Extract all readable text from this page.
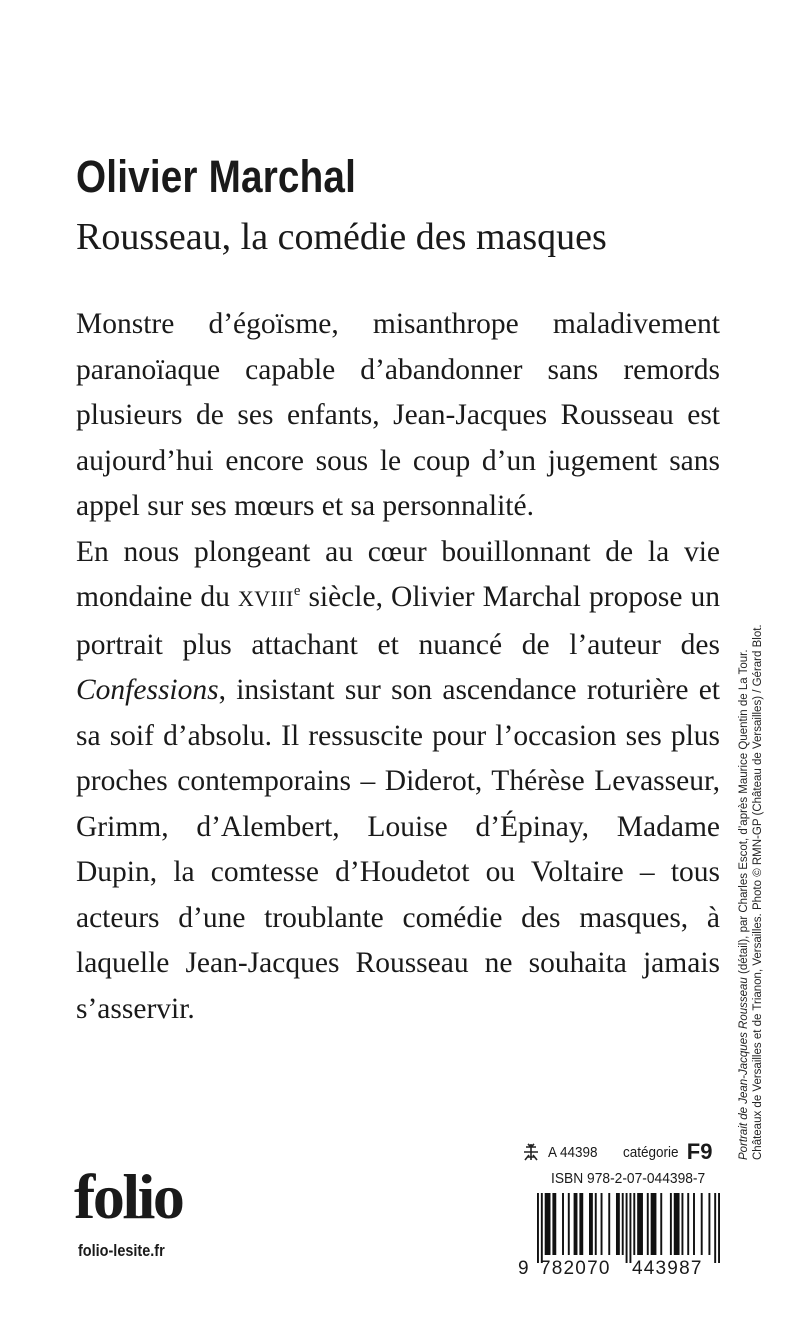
Olivier Marchal
Rousseau, la comédie des masques

Monstre d’égoïsme, misanthrope maladivement paranoïaque capable d’abandonner sans remords plusieurs de ses enfants, Jean-Jacques Rousseau est aujourd’hui encore sous le coup d’un jugement sans appel sur ses mœurs et sa personnalité.

En nous plongeant au cœur bouillonnant de la vie mondaine du XVIIIe siècle, Olivier Marchal propose un portrait plus attachant et nuancé de l’auteur des Confessions, insistant sur son ascendance roturière et sa soif d’absolu. Il ressuscite pour l’occasion ses plus proches contemporains – Diderot, Thérèse Levasseur, Grimm, d’Alembert, Louise d’Épinay, Madame Dupin, la comtesse d’Houdetot ou Voltaire – tous acteurs d’une troublante comédie des masques, à laquelle Jean-Jacques Rousseau ne souhaita jamais s’asservir.	Portrait de Jean-Jacques Rousseau (détail), par Charles Escot, d’après Maurice Quentin de La Tour. Châteaux de Versailles et de Trianon, Versailles. Photo © RMN-GP (Château de Versailles) / Gérard Blot.
folio
folio-lesite.fr
A 44398 catégorie F9
ISBN 978-2-07-044398-7
9 782070	443987
